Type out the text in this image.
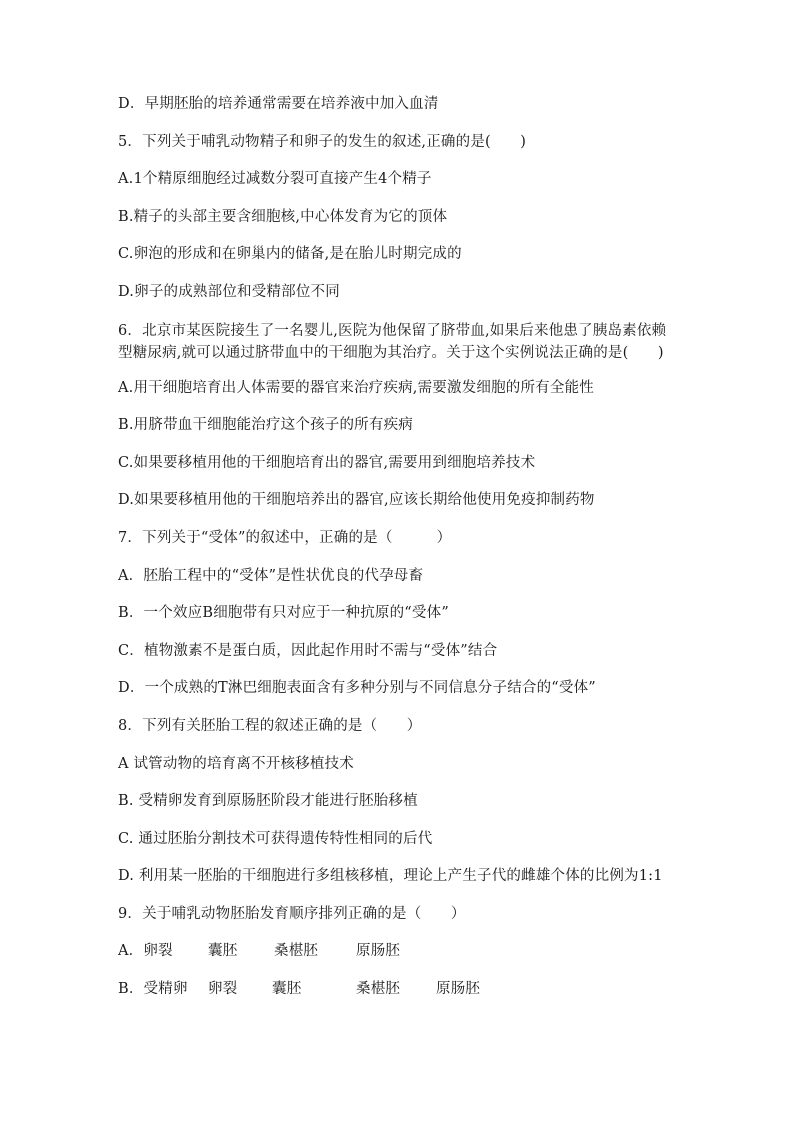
D．早期胚胎的培养通常需要在培养液中加入血清

5．下列关于哺乳动物精子和卵子的发生的叙述,正确的是(　　)

A.1个精原细胞经过减数分裂可直接产生4个精子

B.精子的头部主要含细胞核,中心体发育为它的顶体

C.卵泡的形成和在卵巢内的储备,是在胎儿时期完成的

D.卵子的成熟部位和受精部位不同

6．北京市某医院接生了一名婴儿,医院为他保留了脐带血,如果后来他患了胰岛素依赖型糖尿病,就可以通过脐带血中的干细胞为其治疗。关于这个实例说法正确的是(　　)

A.用干细胞培育出人体需要的器官来治疗疾病,需要激发细胞的所有全能性

B.用脐带血干细胞能治疗这个孩子的所有疾病

C.如果要移植用他的干细胞培育出的器官,需要用到细胞培养技术

D.如果要移植用他的干细胞培养出的器官,应该长期给他使用免疫抑制药物

7．下列关于“受体”的叙述中，正确的是（　　　）

A．胚胎工程中的“受体”是性状优良的代孕母畜

B．一个效应B细胞带有只对应于一种抗原的“受体”

C．植物激素不是蛋白质，因此起作用时不需与“受体”结合

D．一个成熟的T淋巴细胞表面含有多种分别与不同信息分子结合的“受体”

8．下列有关胚胎工程的叙述正确的是（　　）

A 试管动物的培育离不开核移植技术

B. 受精卵发育到原肠胚阶段才能进行胚胎移植

C. 通过胚胎分割技术可获得遗传特性相同的后代

D. 利用某一胚胎的干细胞进行多组核移植，理论上产生子代的雌雄个体的比例为1:1

9．关于哺乳动物胚胎发育顺序排列正确的是（　　）

A．卵裂	囊胚	桑椹胚	原肠胚
B．受精卵	卵裂	囊胚	桑椹胚	原肠胚
